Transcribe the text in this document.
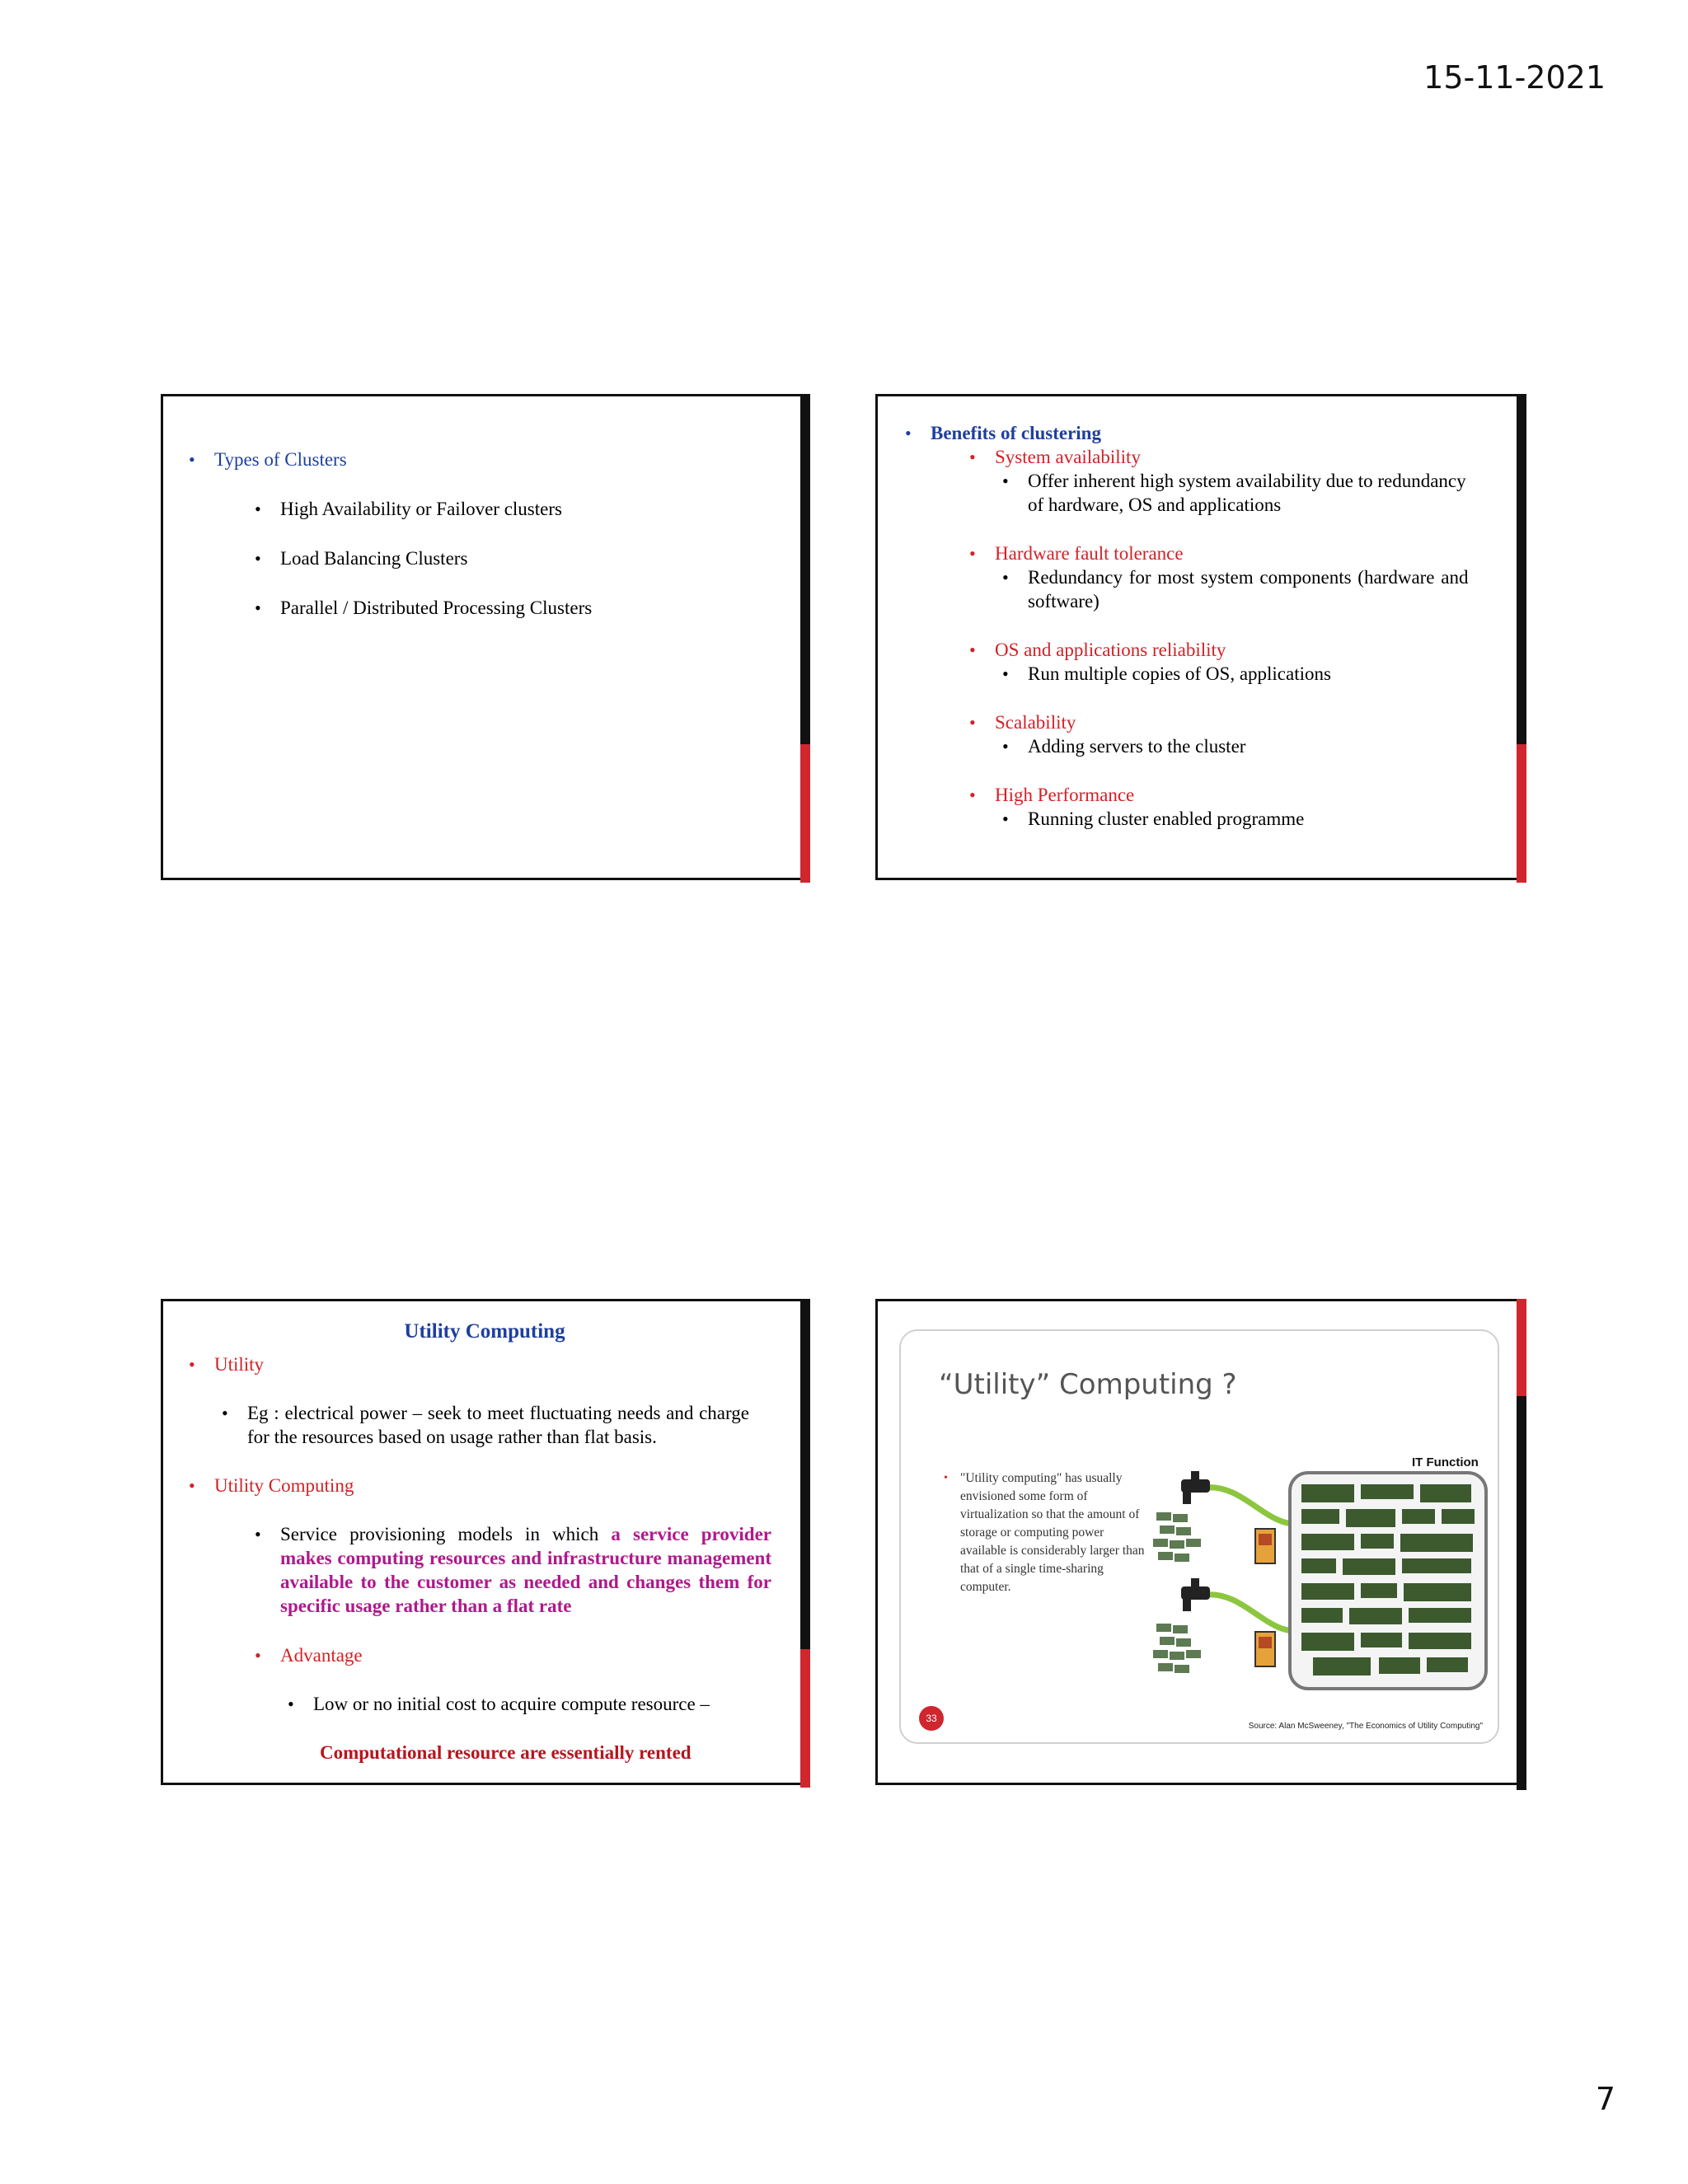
15-11-2021
• Types of Clusters
• High Availability or Failover clusters
• Load Balancing Clusters
• Parallel / Distributed Processing Clusters
• Benefits of clustering
• System availability
• Offer inherent high system availability due to redundancy
of hardware, OS and applications
• Hardware fault tolerance
• Redundancy for most system components (hardware and
software)
• OS and applications reliability
• Run multiple copies of OS, applications
• Scalability
• Adding servers to the cluster
• High Performance
• Running cluster enabled programme
Utility Computing
• Utility
• Eg : electrical power – seek to meet fluctuating needs and charge
for the resources based on usage rather than flat basis.
• Utility Computing
• Service provisioning models in which a service provider makes computing resources and infrastructure management available to the customer as needed and changes them for specific usage rather than a flat rate
• Advantage
• Low or no initial cost to acquire compute resource –
Computational resource are essentially rented
“Utility” Computing ?
• "Utility computing" has usually envisioned some form of virtualization so that the amount of storage or computing power available is considerably larger than that of a single time-sharing computer.
IT Function
33
Source: Alan McSweeney, "The Economics of Utility Computing"
7
